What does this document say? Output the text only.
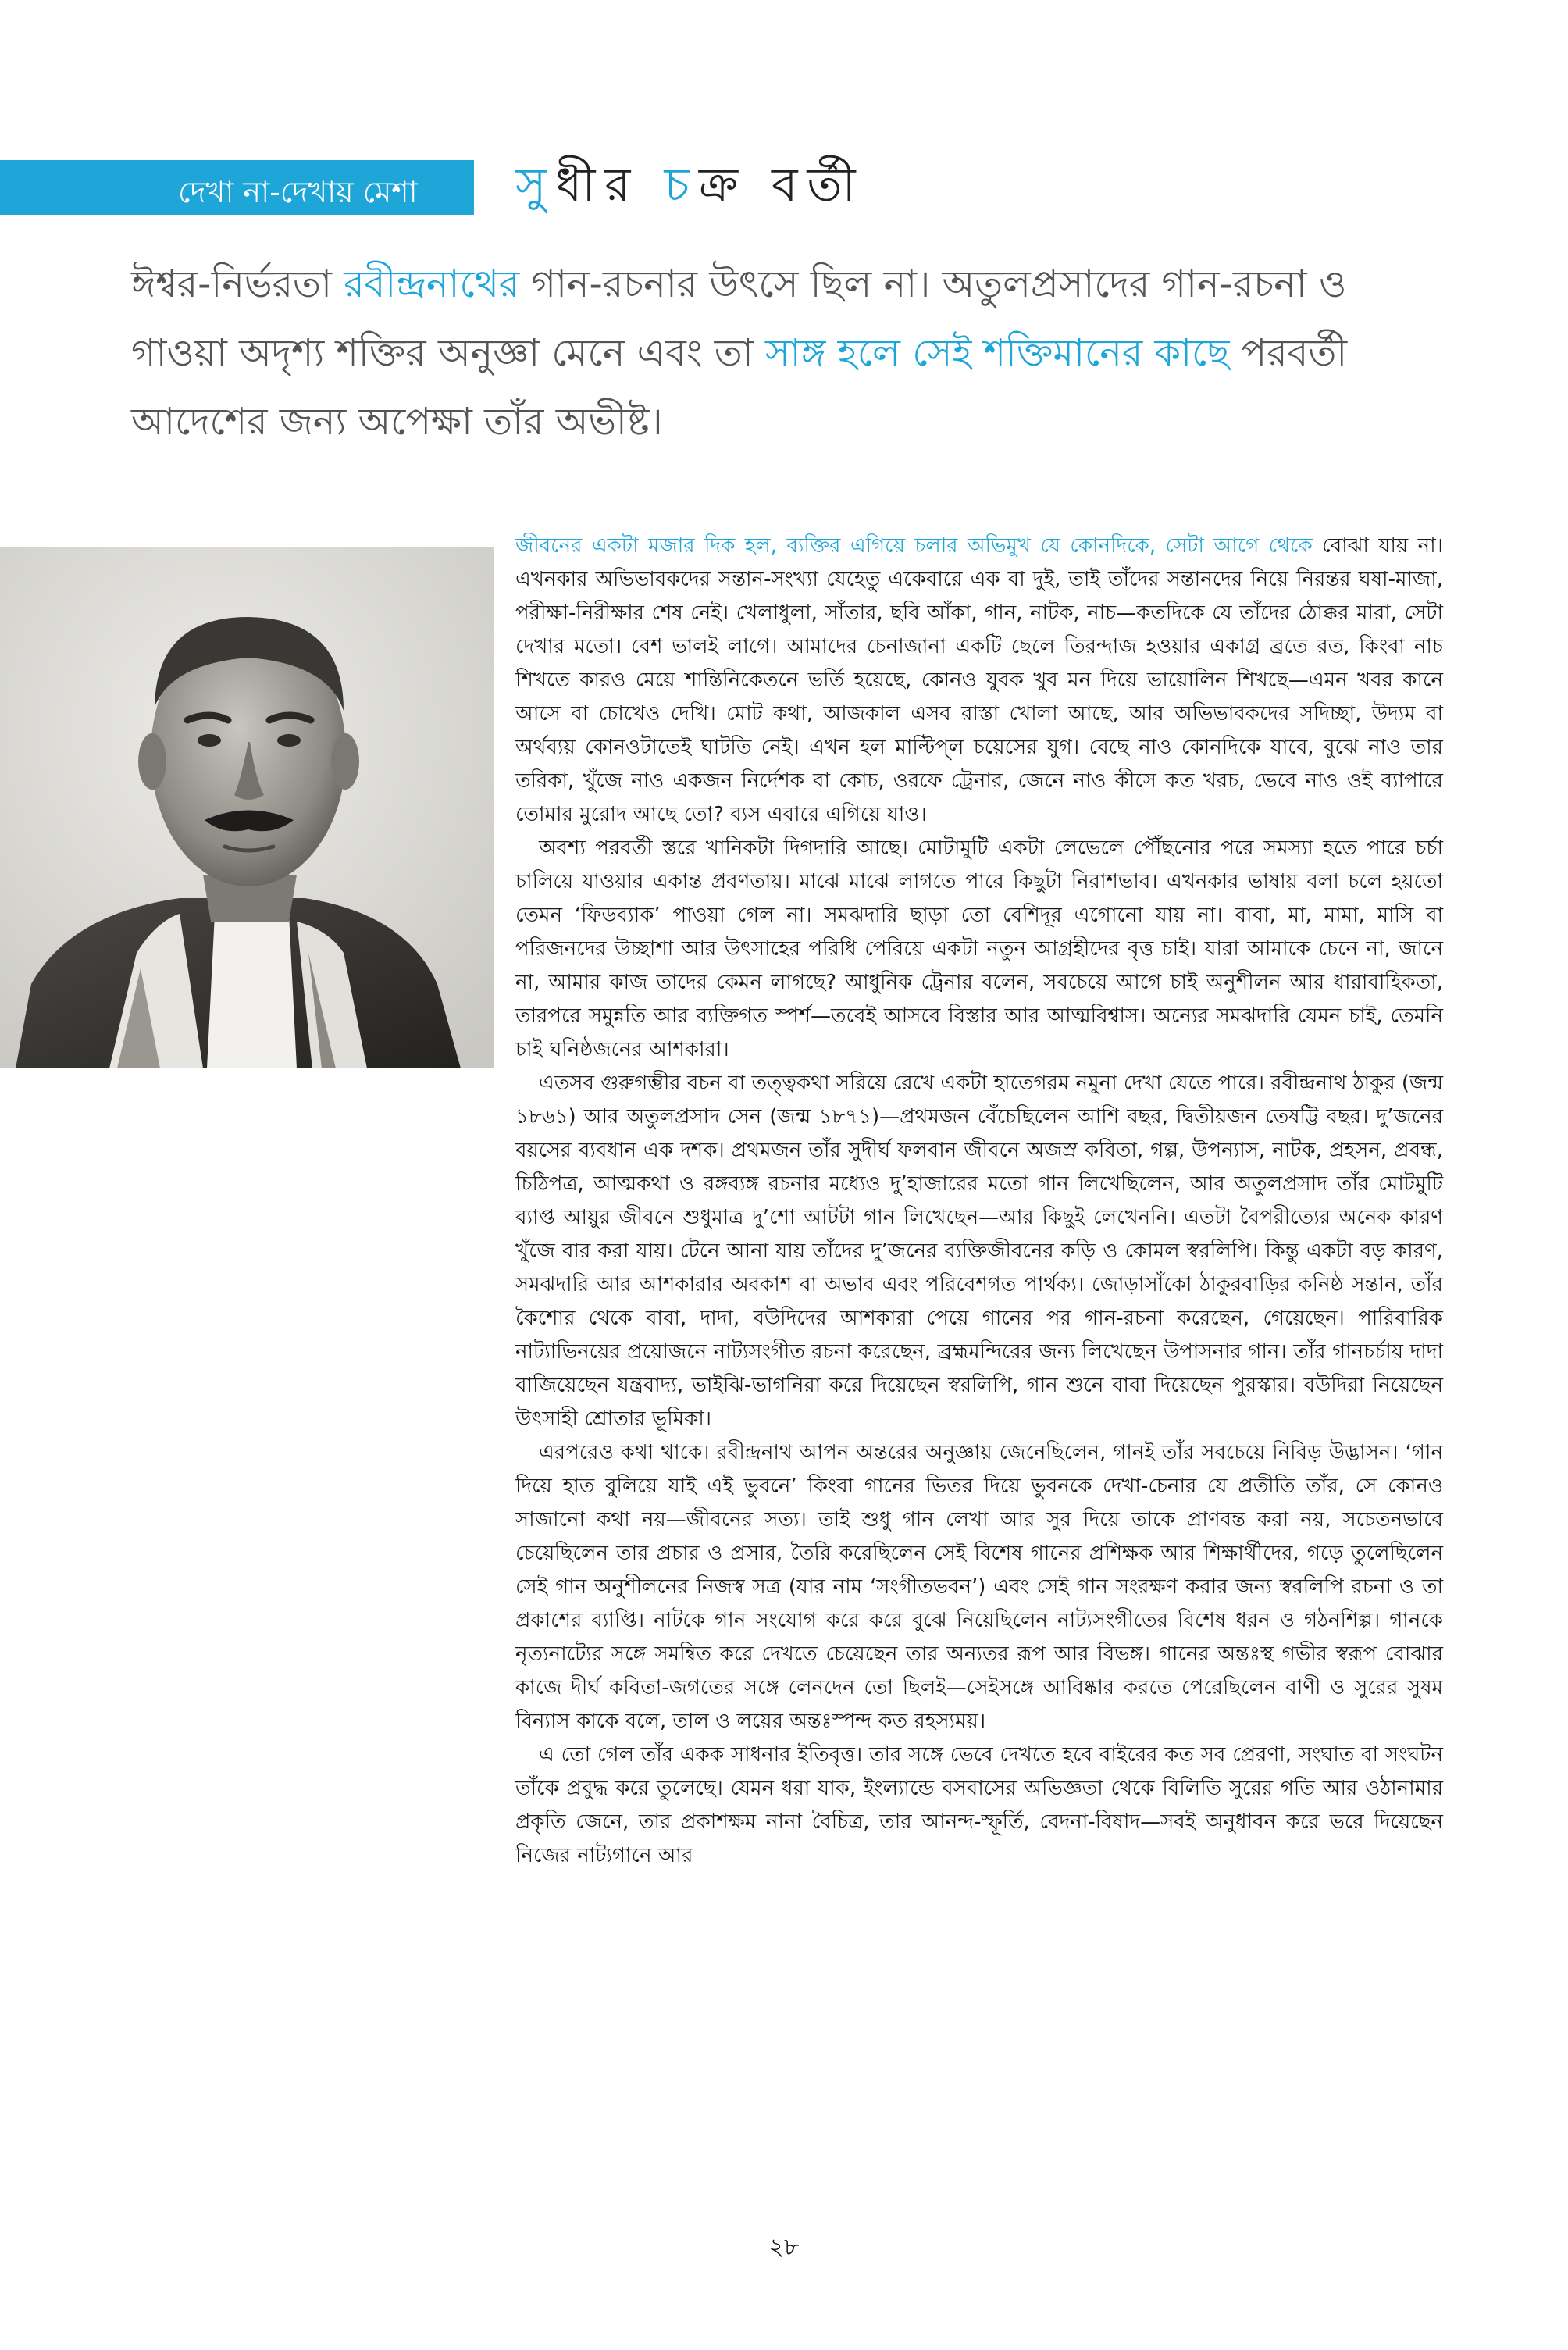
দেখা না-দেখায় মেশা সুধীর চক্র বর্তী
ঈশ্বর-নির্ভরতা রবীন্দ্রনাথের গান-রচনার উৎসে ছিল না। অতুলপ্রসাদের গান-রচনা ও গাওয়া অদৃশ্য শক্তির অনুজ্ঞা মেনে এবং তা সাঙ্গ হলে সেই শক্তিমানের কাছে পরবর্তী আদেশের জন্য অপেক্ষা তাঁর অভীষ্ট।

জীবনের একটা মজার দিক হল, ব্যক্তির এগিয়ে চলার অভিমুখ যে কোনদিকে, সেটা আগে থেকে বোঝা যায় না। এখনকার অভিভাবকদের সন্তান-সংখ্যা যেহেতু একেবারে এক বা দুই, তাই তাঁদের সন্তানদের নিয়ে নিরন্তর ঘষা-মাজা, পরীক্ষা-নিরীক্ষার শেষ নেই। খেলাধুলা, সাঁতার, ছবি আঁকা, গান, নাটক, নাচ—কতদিকে যে তাঁদের ঠোক্কর মারা, সেটা দেখার মতো। বেশ ভালই লাগে। আমাদের চেনাজানা একটি ছেলে তিরন্দাজ হওয়ার একাগ্র ব্রতে রত, কিংবা নাচ শিখতে কারও মেয়ে শান্তিনিকেতনে ভর্তি হয়েছে, কোনও যুবক খুব মন দিয়ে ভায়োলিন শিখছে—এমন খবর কানে আসে বা চোখেও দেখি। মোট কথা, আজকাল এসব রাস্তা খোলা আছে, আর অভিভাবকদের সদিচ্ছা, উদ্যম বা অর্থব্যয় কোনওটাতেই ঘাটতি নেই। এখন হল মাল্টিপ্‌ল চয়েসের যুগ। বেছে নাও কোনদিকে যাবে, বুঝে নাও তার তরিকা, খুঁজে নাও একজন নির্দেশক বা কোচ, ওরফে ট্রেনার, জেনে নাও কীসে কত খরচ, ভেবে নাও ওই ব্যাপারে তোমার মুরোদ আছে তো? ব্যস এবারে এগিয়ে যাও।

অবশ্য পরবর্তী স্তরে খানিকটা দিগদারি আছে। মোটামুটি একটা লেভেলে পৌঁছনোর পরে সমস্যা হতে পারে চর্চা চালিয়ে যাওয়ার একান্ত প্রবণতায়। মাঝে মাঝে লাগতে পারে কিছুটা নিরাশভাব। এখনকার ভাষায় বলা চলে হয়তো তেমন ‘ফিডব্যাক’ পাওয়া গেল না। সমঝদারি ছাড়া তো বেশিদূর এগোনো যায় না। বাবা, মা, মামা, মাসি বা পরিজনদের উচ্ছাশা আর উৎসাহের পরিধি পেরিয়ে একটা নতুন আগ্রহীদের বৃত্ত চাই। যারা আমাকে চেনে না, জানে না, আমার কাজ তাদের কেমন লাগছে? আধুনিক ট্রেনার বলেন, সবচেয়ে আগে চাই অনুশীলন আর ধারাবাহিকতা, তারপরে সমুন্নতি আর ব্যক্তিগত স্পর্শ—তবেই আসবে বিস্তার আর আত্মবিশ্বাস। অন্যের সমঝদারি যেমন চাই, তেমনি চাই ঘনিষ্ঠজনের আশকারা।

এতসব গুরুগম্ভীর বচন বা তত্ত্বকথা সরিয়ে রেখে একটা হাতেগরম নমুনা দেখা যেতে পারে। রবীন্দ্রনাথ ঠাকুর (জন্ম ১৮৬১) আর অতুলপ্রসাদ সেন (জন্ম ১৮৭১)—প্রথমজন বেঁচেছিলেন আশি বছর, দ্বিতীয়জন তেষট্টি বছর। দু’জনের বয়সের ব্যবধান এক দশক। প্রথমজন তাঁর সুদীর্ঘ ফলবান জীবনে অজস্র কবিতা, গল্প, উপন্যাস, নাটক, প্রহসন, প্রবন্ধ, চিঠিপত্র, আত্মকথা ও রঙ্গব্যঙ্গ রচনার মধ্যেও দু’হাজারের মতো গান লিখেছিলেন, আর অতুলপ্রসাদ তাঁর মোটমুটি ব্যাপ্ত আয়ুর জীবনে শুধুমাত্র দু’শো আটটা গান লিখেছেন—আর কিছুই লেখেননি। এতটা বৈপরীত্যের অনেক কারণ খুঁজে বার করা যায়। টেনে আনা যায় তাঁদের দু’জনের ব্যক্তিজীবনের কড়ি ও কোমল স্বরলিপি। কিন্তু একটা বড় কারণ, সমঝদারি আর আশকারার অবকাশ বা অভাব এবং পরিবেশগত পার্থক্য। জোড়াসাঁকো ঠাকুরবাড়ির কনিষ্ঠ সন্তান, তাঁর কৈশোর থেকে বাবা, দাদা, বউদিদের আশকারা পেয়ে গানের পর গান-রচনা করেছেন, গেয়েছেন। পারিবারিক নাট্যাভিনয়ের প্রয়োজনে নাট্যসংগীত রচনা করেছেন, ব্রহ্মমন্দিরের জন্য লিখেছেন উপাসনার গান। তাঁর গানচর্চায় দাদা বাজিয়েছেন যন্ত্রবাদ্য, ভাইঝি-ভাগনিরা করে দিয়েছেন স্বরলিপি, গান শুনে বাবা দিয়েছেন পুরস্কার। বউদিরা নিয়েছেন উৎসাহী শ্রোতার ভূমিকা।

এরপরেও কথা থাকে। রবীন্দ্রনাথ আপন অন্তরের অনুজ্ঞায় জেনেছিলেন, গানই তাঁর সবচেয়ে নিবিড় উদ্ভাসন। ‘গান দিয়ে হাত বুলিয়ে যাই এই ভুবনে’ কিংবা গানের ভিতর দিয়ে ভুবনকে দেখা-চেনার যে প্রতীতি তাঁর, সে কোনও সাজানো কথা নয়—জীবনের সত্য। তাই শুধু গান লেখা আর সুর দিয়ে তাকে প্রাণবন্ত করা নয়, সচেতনভাবে চেয়েছিলেন তার প্রচার ও প্রসার, তৈরি করেছিলেন সেই বিশেষ গানের প্রশিক্ষক আর শিক্ষার্থীদের, গড়ে তুলেছিলেন সেই গান অনুশীলনের নিজস্ব সত্র (যার নাম ‘সংগীতভবন’) এবং সেই গান সংরক্ষণ করার জন্য স্বরলিপি রচনা ও তা প্রকাশের ব্যাপ্তি। নাটকে গান সংযোগ করে করে বুঝে নিয়েছিলেন নাট্যসংগীতের বিশেষ ধরন ও গঠনশিল্প। গানকে নৃত্যনাট্যের সঙ্গে সমন্বিত করে দেখতে চেয়েছেন তার অন্যতর রূপ আর বিভঙ্গ। গানের অন্তঃস্থ গভীর স্বরূপ বোঝার কাজে দীর্ঘ কবিতা-জগতের সঙ্গে লেনদেন তো ছিলই—সেইসঙ্গে আবিষ্কার করতে পেরেছিলেন বাণী ও সুরের সুষম বিন্যাস কাকে বলে, তাল ও লয়ের অন্তঃস্পন্দ কত রহস্যময়।

এ তো গেল তাঁর একক সাধনার ইতিবৃত্ত। তার সঙ্গে ভেবে দেখতে হবে বাইরের কত সব প্রেরণা, সংঘাত বা সংঘটন তাঁকে প্রবুদ্ধ করে তুলেছে। যেমন ধরা যাক, ইংল্যান্ডে বসবাসের অভিজ্ঞতা থেকে বিলিতি সুরের গতি আর ওঠানামার প্রকৃতি জেনে, তার প্রকাশক্ষম নানা বৈচিত্র, তার আনন্দ-স্ফূর্তি, বেদনা-বিষাদ—সবই অনুধাবন করে ভরে দিয়েছেন নিজের নাট্যগানে আর

২৮
